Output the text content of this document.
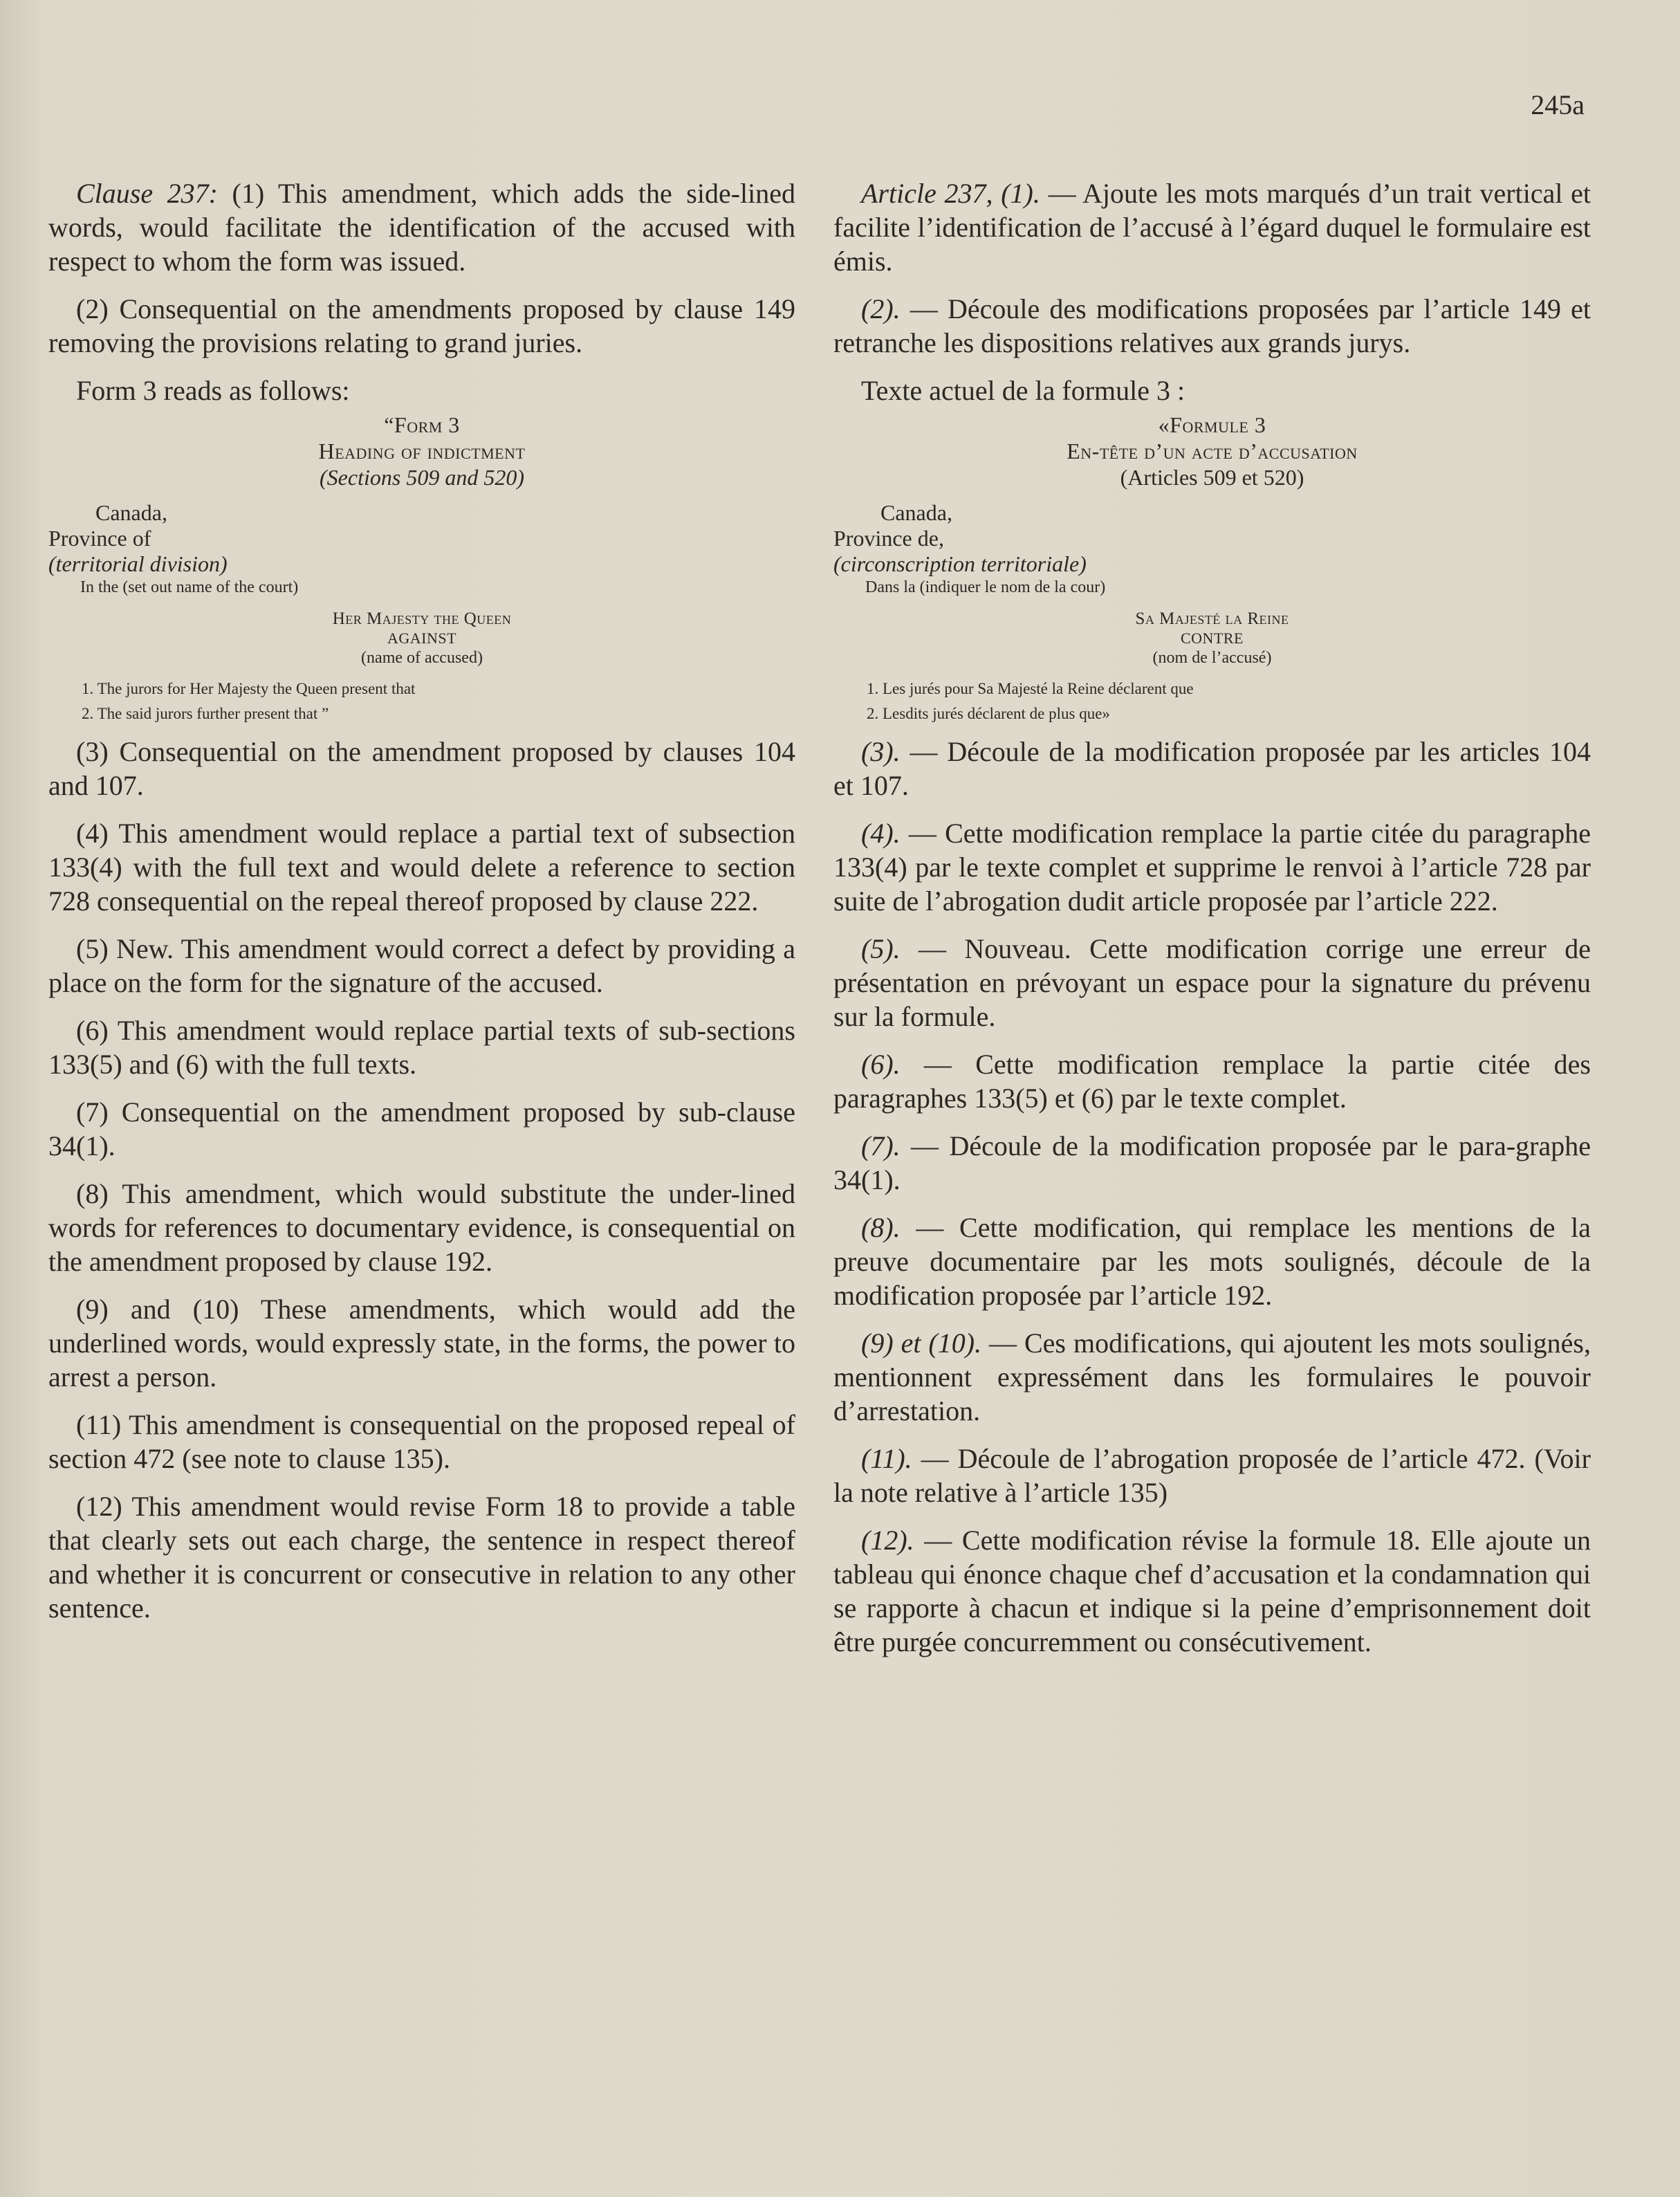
245a

Clause 237: (1) This amendment, which adds the side-lined words, would facilitate the identification of the accused with respect to whom the form was issued.

(2) Consequential on the amendments proposed by clause 149 removing the provisions relating to grand juries.

Form 3 reads as follows:

“Form 3
Heading of indictment
(Sections 509 and 520)
Canada,
Province of
(territorial division)
In the (set out name of the court)
Her Majesty the Queen
AGAINST
(name of accused)
1. The jurors for Her Majesty the Queen present that
2. The said jurors further present that ”

(3) Consequential on the amendment proposed by clauses 104 and 107.

(4) This amendment would replace a partial text of subsection 133(4) with the full text and would delete a reference to section 728 consequential on the repeal thereof proposed by clause 222.

(5) New. This amendment would correct a defect by providing a place on the form for the signature of the accused.

(6) This amendment would replace partial texts of sub-sections 133(5) and (6) with the full texts.

(7) Consequential on the amendment proposed by sub-clause 34(1).

(8) This amendment, which would substitute the under-lined words for references to documentary evidence, is consequential on the amendment proposed by clause 192.

(9) and (10) These amendments, which would add the underlined words, would expressly state, in the forms, the power to arrest a person.

(11) This amendment is consequential on the proposed repeal of section 472 (see note to clause 135).

(12) This amendment would revise Form 18 to provide a table that clearly sets out each charge, the sentence in respect thereof and whether it is concurrent or consecutive in relation to any other sentence.

Article 237, (1). — Ajoute les mots marqués d’un trait vertical et facilite l’identification de l’accusé à l’égard duquel le formulaire est émis.

(2). — Découle des modifications proposées par l’article 149 et retranche les dispositions relatives aux grands jurys.

Texte actuel de la formule 3 :

«Formule 3
En-tête d’un acte d’accusation
(Articles 509 et 520)
Canada,
Province de,
(circonscription territoriale)
Dans la (indiquer le nom de la cour)
Sa Majesté la Reine
CONTRE
(nom de l’accusé)
1. Les jurés pour Sa Majesté la Reine déclarent que
2. Lesdits jurés déclarent de plus que»

(3). — Découle de la modification proposée par les articles 104 et 107.

(4). — Cette modification remplace la partie citée du paragraphe 133(4) par le texte complet et supprime le renvoi à l’article 728 par suite de l’abrogation dudit article proposée par l’article 222.

(5). — Nouveau. Cette modification corrige une erreur de présentation en prévoyant un espace pour la signature du prévenu sur la formule.

(6). — Cette modification remplace la partie citée des paragraphes 133(5) et (6) par le texte complet.

(7). — Découle de la modification proposée par le para-graphe 34(1).

(8). — Cette modification, qui remplace les mentions de la preuve documentaire par les mots soulignés, découle de la modification proposée par l’article 192.

(9) et (10). — Ces modifications, qui ajoutent les mots soulignés, mentionnent expressément dans les formulaires le pouvoir d’arrestation.

(11). — Découle de l’abrogation proposée de l’article 472. (Voir la note relative à l’article 135)

(12). — Cette modification révise la formule 18. Elle ajoute un tableau qui énonce chaque chef d’accusation et la condamnation qui se rapporte à chacun et indique si la peine d’emprisonnement doit être purgée concurremment ou consécutivement.
